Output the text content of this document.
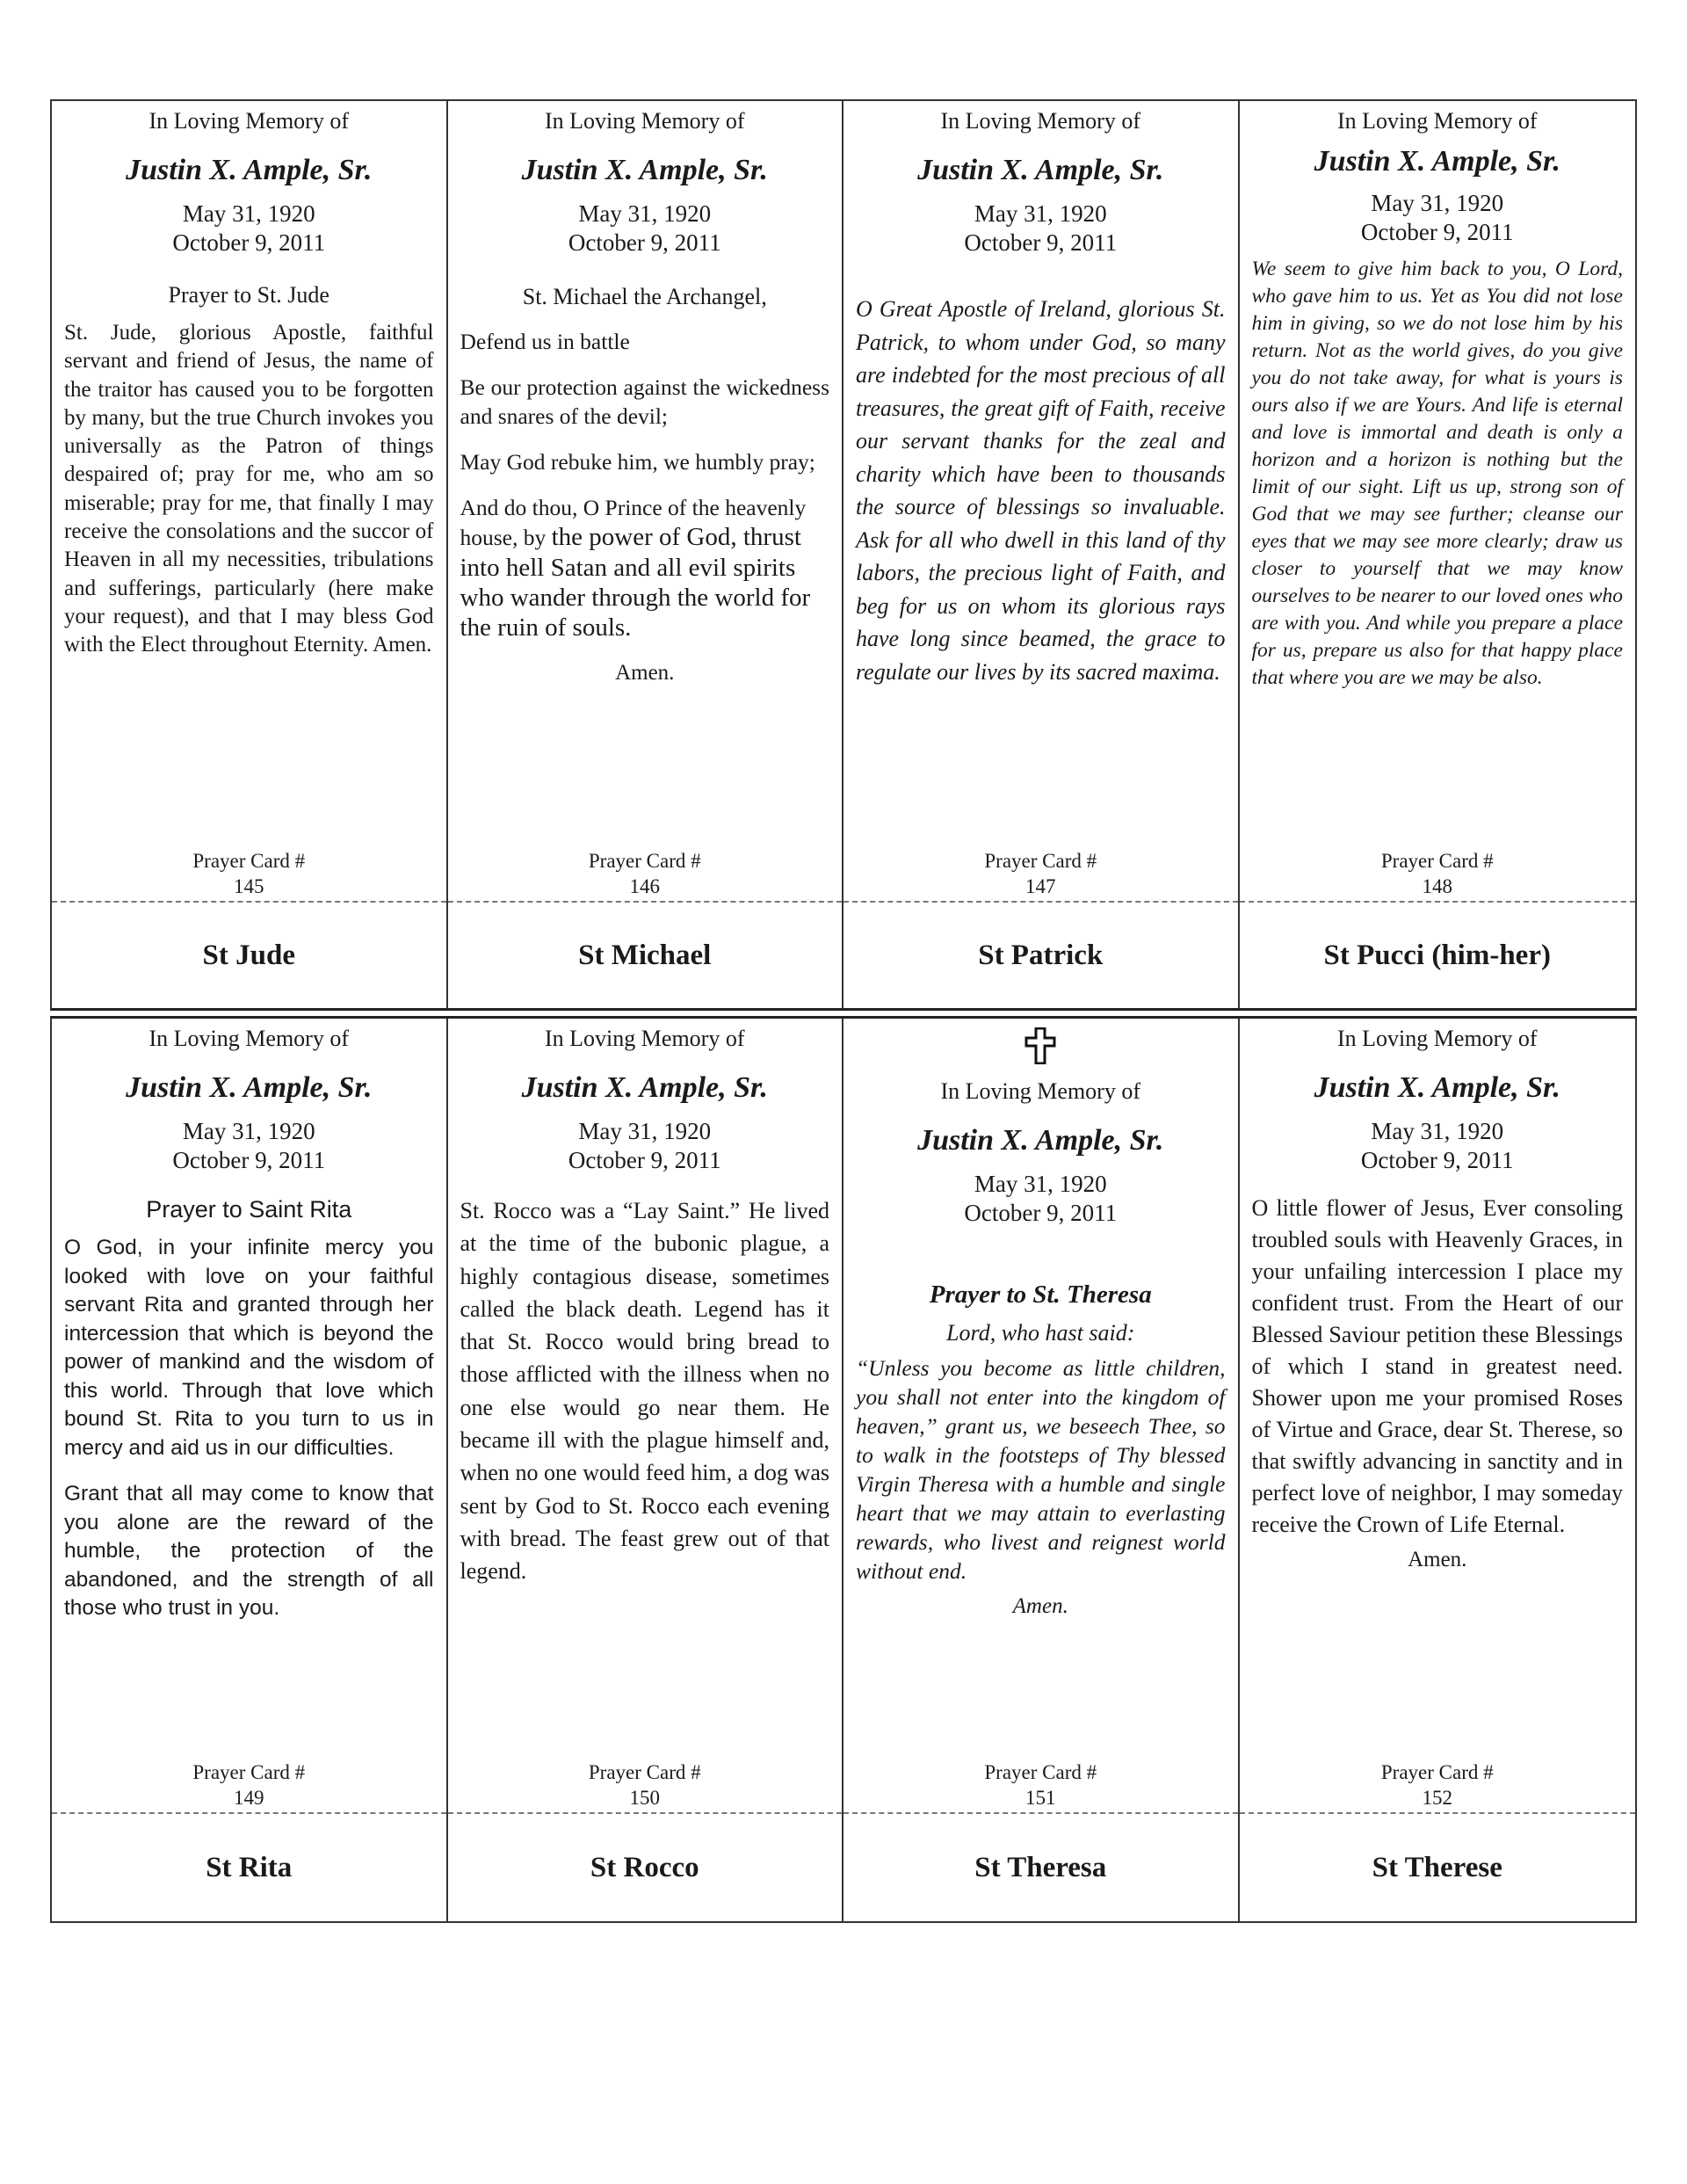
In Loving Memory of
Justin X. Ample, Sr.
May 31, 1920
October 9, 2011
Prayer to St. Jude

St. Jude, glorious Apostle, faithful servant and friend of Jesus, the name of the traitor has caused you to be forgotten by many, but the true Church invokes you universally as the Patron of things despaired of; pray for me, who am so miserable; pray for me, that finally I may receive the consolations and the succor of Heaven in all my necessities, tribulations and sufferings, particularly (here make your request), and that I may bless God with the Elect throughout Eternity. Amen.

Prayer Card #
145
St Jude
In Loving Memory of
Justin X. Ample, Sr.
May 31, 1920
October 9, 2011
St. Michael the Archangel,

Defend us in battle

Be our protection against the wickedness and snares of the devil;

May God rebuke him, we humbly pray;

And do thou, O Prince of the heavenly house, by the power of God, thrust into hell Satan and all evil spirits who wander through the world for the ruin of souls.

Amen.
Prayer Card #
146
St Michael
In Loving Memory of
Justin X. Ample, Sr.
May 31, 1920
October 9, 2011

O Great Apostle of Ireland, glorious St. Patrick, to whom under God, so many are indebted for the most precious of all treasures, the great gift of Faith, receive our servant thanks for the zeal and charity which have been to thousands the source of blessings so invaluable. Ask for all who dwell in this land of thy labors, the precious light of Faith, and beg for us on whom its glorious rays have long since beamed, the grace to regulate our lives by its sacred maxima.

Prayer Card #
147
St Patrick
In Loving Memory of
Justin X. Ample, Sr.
May 31, 1920
October 9, 2011

We seem to give him back to you, O Lord, who gave him to us. Yet as You did not lose him in giving, so we do not lose him by his return. Not as the world gives, do you give you do not take away, for what is yours is ours also if we are Yours. And life is eternal and love is immortal and death is only a horizon and a horizon is nothing but the limit of our sight. Lift us up, strong son of God that we may see further; cleanse our eyes that we may see more clearly; draw us closer to yourself that we may know ourselves to be nearer to our loved ones who are with you. And while you prepare a place for us, prepare us also for that happy place that where you are we may be also.

Prayer Card #
148
St Pucci (him-her)
In Loving Memory of
Justin X. Ample, Sr.
May 31, 1920
October 9, 2011
Prayer to Saint Rita

O God, in your infinite mercy you looked with love on your faithful servant Rita and granted through her intercession that which is beyond the power of mankind and the wisdom of this world. Through that love which bound St. Rita to you turn to us in mercy and aid us in our difficulties.

Grant that all may come to know that you alone are the reward of the humble, the protection of the abandoned, and the strength of all those who trust in you.

Prayer Card #
149
St Rita
In Loving Memory of
Justin X. Ample, Sr.
May 31, 1920
October 9, 2011

St. Rocco was a “Lay Saint.” He lived at the time of the bubonic plague, a highly contagious disease, sometimes called the black death. Legend has it that St. Rocco would bring bread to those afflicted with the illness when no one else would go near them. He became ill with the plague himself and, when no one would feed him, a dog was sent by God to St. Rocco each evening with bread. The feast grew out of that legend.

Prayer Card #
150
St Rocco
In Loving Memory of
Justin X. Ample, Sr.
May 31, 1920
October 9, 2011
Prayer to St. Theresa
Lord, who hast said:

“Unless you become as little children, you shall not enter into the kingdom of heaven,” grant us, we beseech Thee, so to walk in the footsteps of Thy blessed Virgin Theresa with a humble and single heart that we may attain to everlasting rewards, who livest and reignest world without end.

Amen.
Prayer Card #
151
St Theresa
In Loving Memory of
Justin X. Ample, Sr.
May 31, 1920
October 9, 2011

O little flower of Jesus, Ever consoling troubled souls with Heavenly Graces, in your unfailing intercession I place my confident trust. From the Heart of our Blessed Saviour petition these Blessings of which I stand in greatest need. Shower upon me your promised Roses of Virtue and Grace, dear St. Therese, so that swiftly advancing in sanctity and in perfect love of neighbor, I may someday receive the Crown of Life Eternal.

Amen.
Prayer Card #
152
St Therese
